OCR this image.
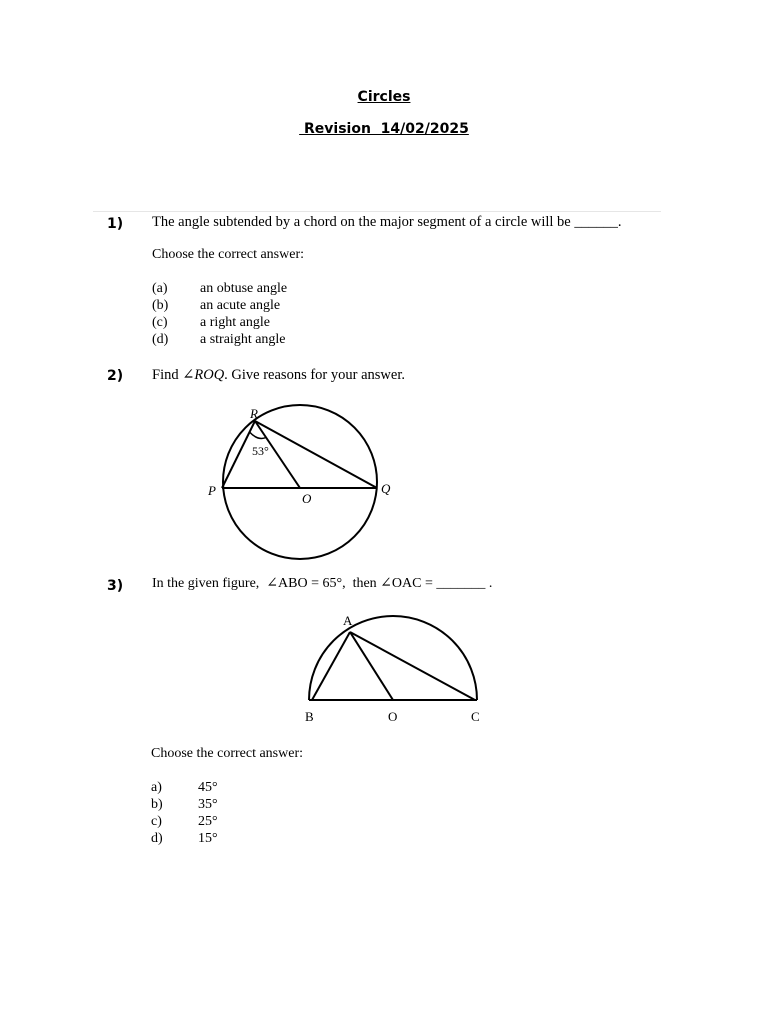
Circles
Revision  14/02/2025
1) The angle subtended by a chord on the major segment of a circle will be ______.
Choose the correct answer:
(a) an obtuse angle
(b) an acute angle
(c) a right angle
(d) a straight angle
2) Find ∠ROQ. Give reasons for your answer.
R
P	Q
O
53°
A
B	O	C
3) In the given figure,  ∠ABO = 65°,  then ∠OAC = _______ .
Choose the correct answer:
a)	45°
b)	35°
c)	25°
d)	15°
